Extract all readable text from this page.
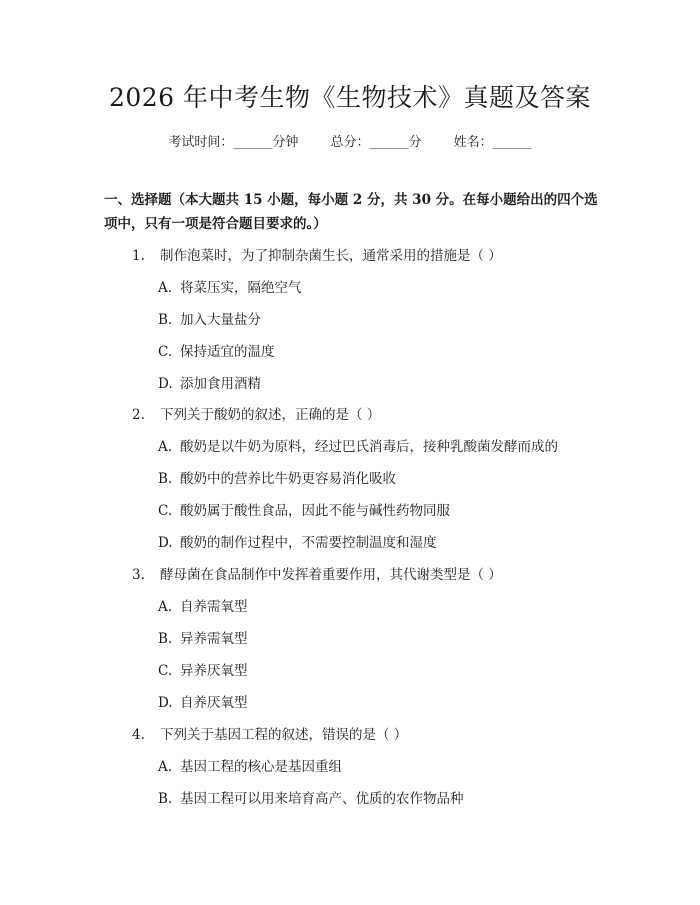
2026 年中考生物《生物技术》真题及答案
考试时间：______分钟 总分：______分 姓名：______
一、选择题（本大题共 15 小题，每小题 2 分，共 30 分。在每小题给出的四个选项中，只有一项是符合题目要求的。）
1. 制作泡菜时，为了抑制杂菌生长，通常采用的措施是（ ）
A. 将菜压实，隔绝空气
B. 加入大量盐分
C. 保持适宜的温度
D. 添加食用酒精
2. 下列关于酸奶的叙述，正确的是（ ）
A. 酸奶是以牛奶为原料，经过巴氏消毒后，接种乳酸菌发酵而成的
B. 酸奶中的营养比牛奶更容易消化吸收
C. 酸奶属于酸性食品，因此不能与碱性药物同服
D. 酸奶的制作过程中，不需要控制温度和湿度
3. 酵母菌在食品制作中发挥着重要作用，其代谢类型是（ ）
A. 自养需氧型
B. 异养需氧型
C. 异养厌氧型
D. 自养厌氧型
4. 下列关于基因工程的叙述，错误的是（ ）
A. 基因工程的核心是基因重组
B. 基因工程可以用来培育高产、优质的农作物品种
